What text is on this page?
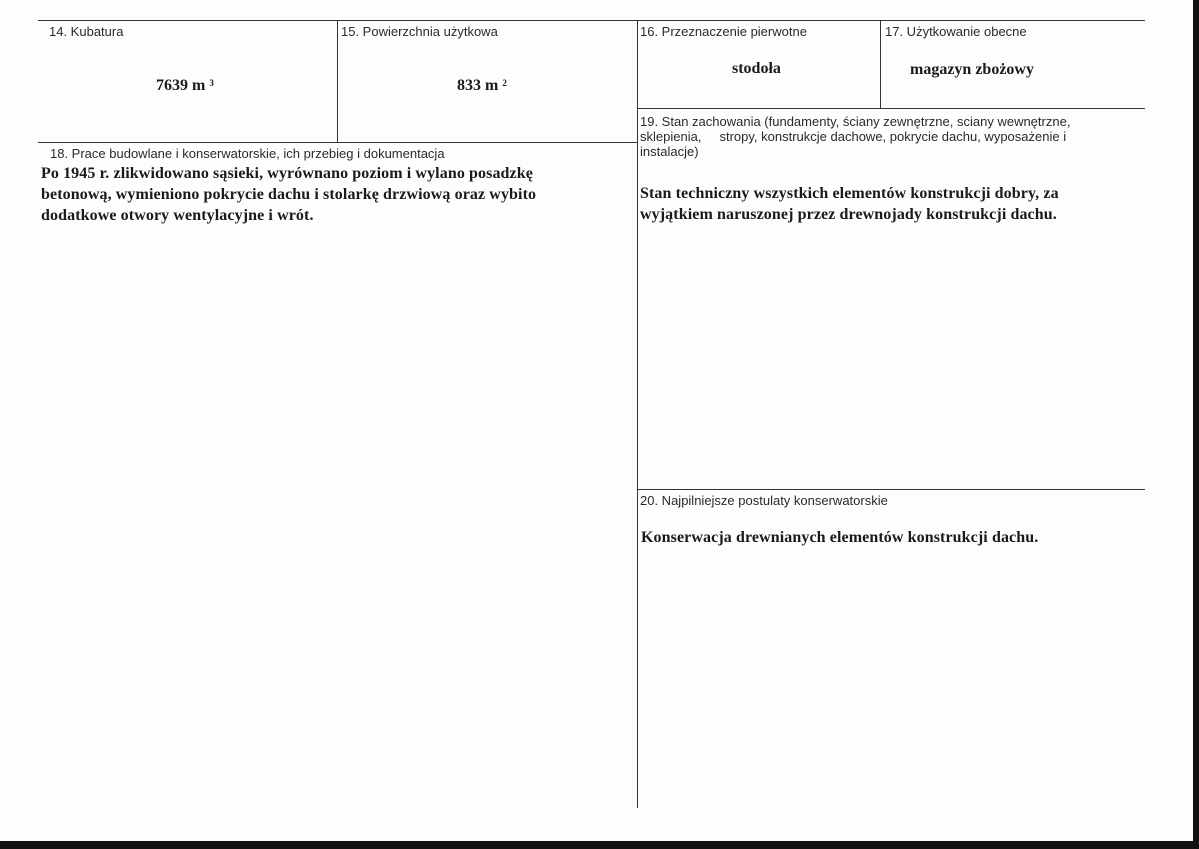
14. Kubatura
7639 m $^3$
15. Powierzchnia użytkowa
833 m $^2$
16. Przeznaczenie pierwotne
stodoła
17. Użytkowanie obecne
magazyn zbożowy
18. Prace budowlane i konserwatorskie, ich przebieg i dokumentacja
Po 1945 r. zlikwidowano sąsieki, wyrównano poziom i wylano posadzkę
betonową, wymieniono pokrycie dachu i stolarkę drzwiową oraz wybito
dodatkowe otwory wentylacyjne i wrót.
19. Stan zachowania (fundamenty, ściany zewnętrzne, sciany wewnętrzne,
sklepienia,     stropy, konstrukcje dachowe, pokrycie dachu, wyposażenie i
instalacje)
Stan techniczny wszystkich elementów konstrukcji dobry, za
wyjątkiem naruszonej przez drewnojady konstrukcji dachu.
20. Najpilniejsze postulaty konserwatorskie
Konserwacja drewnianych elementów konstrukcji dachu.
